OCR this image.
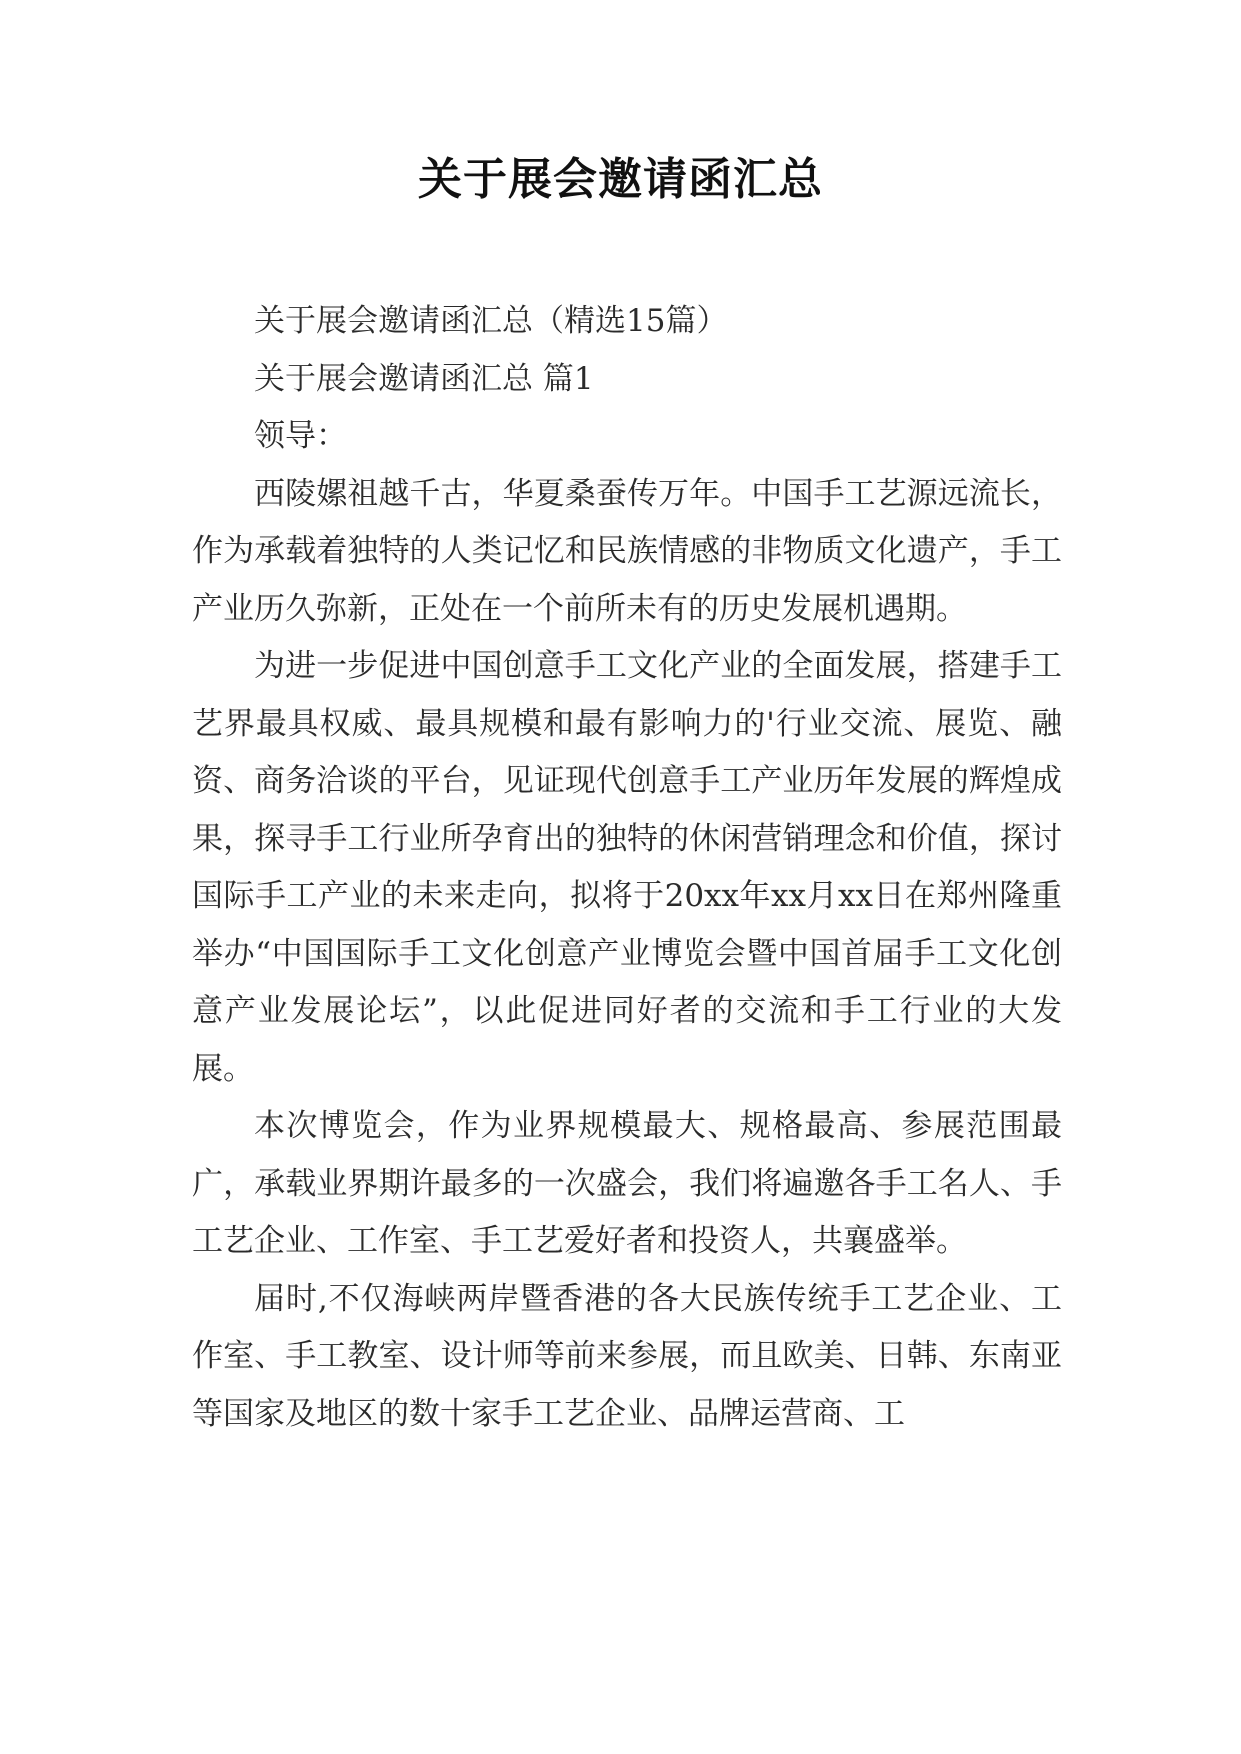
关于展会邀请函汇总

关于展会邀请函汇总（精选15篇）

关于展会邀请函汇总 篇1

领导：

西陵嫘祖越千古，华夏桑蚕传万年。中国手工艺源远流长，作为承载着独特的人类记忆和民族情感的非物质文化遗产，手工产业历久弥新，正处在一个前所未有的历史发展机遇期。

为进一步促进中国创意手工文化产业的全面发展，搭建手工艺界最具权威、最具规模和最有影响力的'行业交流、展览、融资、商务洽谈的平台，见证现代创意手工产业历年发展的辉煌成果，探寻手工行业所孕育出的独特的休闲营销理念和价值，探讨国际手工产业的未来走向，拟将于20xx年xx月xx日在郑州隆重举办“中国国际手工文化创意产业博览会暨中国首届手工文化创意产业发展论坛”，以此促进同好者的交流和手工行业的大发展。

本次博览会，作为业界规模最大、规格最高、参展范围最广，承载业界期许最多的一次盛会，我们将遍邀各手工名人、手工艺企业、工作室、手工艺爱好者和投资人，共襄盛举。

届时,不仅海峡两岸暨香港的各大民族传统手工艺企业、工作室、手工教室、设计师等前来参展，而且欧美、日韩、东南亚等国家及地区的数十家手工艺企业、品牌运营商、工
